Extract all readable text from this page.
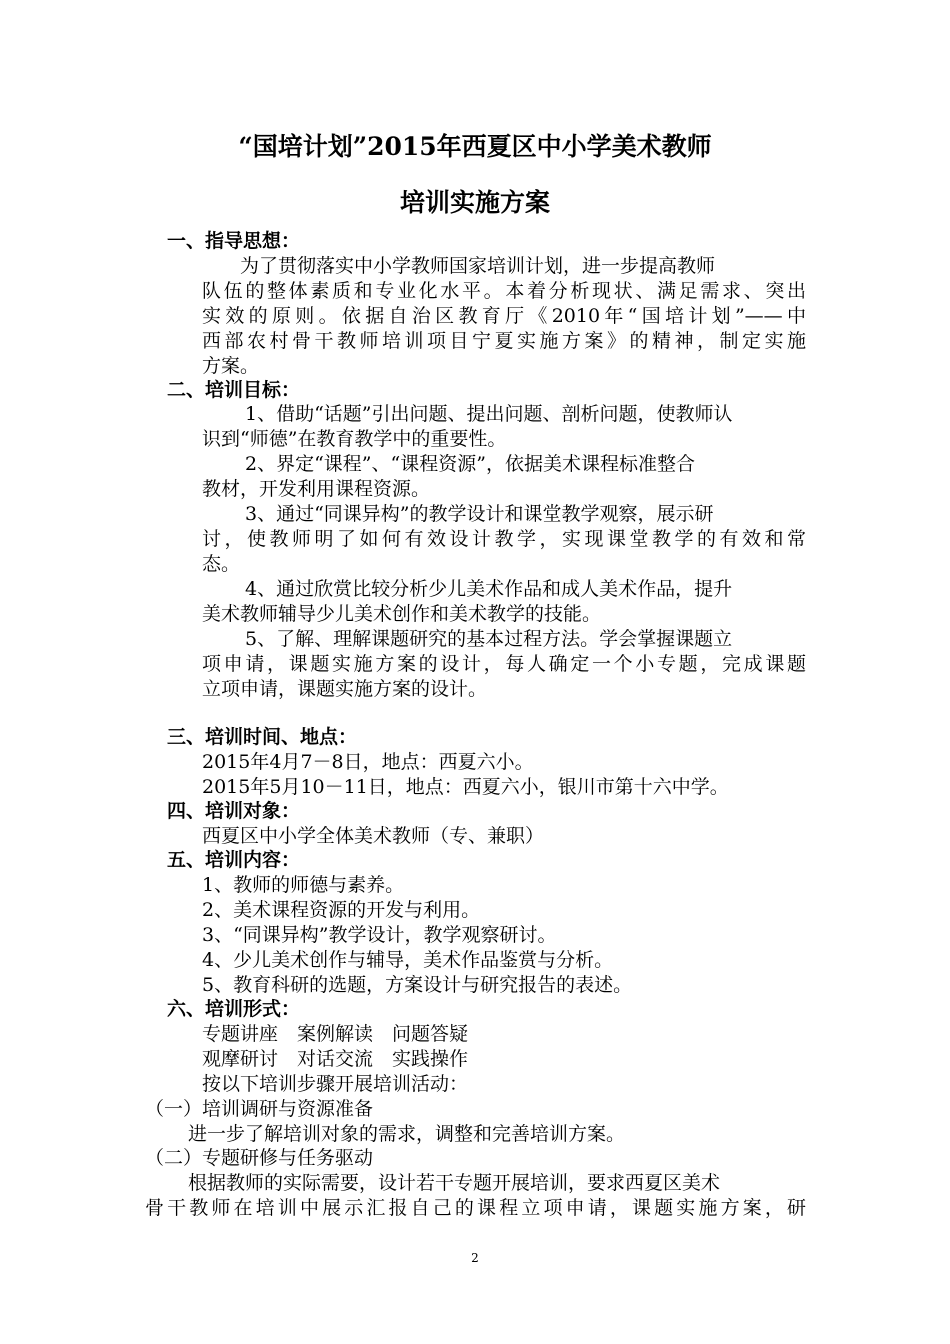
“国培计划”2015年西夏区中小学美术教师
培训实施方案
一、指导思想：
为了贯彻落实中小学教师国家培训计划，进一步提高教师
队伍的整体素质和专业化水平。本着分析现状、满足需求、突出
实效的原则。依据自治区教育厅《2010年“国培计划”——中
西部农村骨干教师培训项目宁夏实施方案》的精神，制定实施
方案。
二、培训目标：
1、借助“话题”引出问题、提出问题、剖析问题，使教师认
识到“师德”在教育教学中的重要性。
2、界定“课程”、“课程资源”，依据美术课程标准整合
教材，开发利用课程资源。
3、通过“同课异构”的教学设计和课堂教学观察，展示研
讨，使教师明了如何有效设计教学，实现课堂教学的有效和常
态。
4、通过欣赏比较分析少儿美术作品和成人美术作品，提升
美术教师辅导少儿美术创作和美术教学的技能。
5、了解、理解课题研究的基本过程方法。学会掌握课题立
项申请，课题实施方案的设计，每人确定一个小专题，完成课题
立项申请，课题实施方案的设计。
三、培训时间、地点：
2015年4月7－8日，地点：西夏六小。
2015年5月10－11日，地点：西夏六小，银川市第十六中学。
四、培训对象：
西夏区中小学全体美术教师（专、兼职）
五、培训内容：
1、教师的师德与素养。
2、美术课程资源的开发与利用。
3、“同课异构”教学设计，教学观察研讨。
4、少儿美术创作与辅导，美术作品鉴赏与分析。
5、教育科研的选题，方案设计与研究报告的表述。
六、培训形式：
专题讲座　案例解读　问题答疑
观摩研讨　对话交流　实践操作
按以下培训步骤开展培训活动：
（一）培训调研与资源准备
进一步了解培训对象的需求，调整和完善培训方案。
（二）专题研修与任务驱动
根据教师的实际需要，设计若干专题开展培训，要求西夏区美术
骨干教师在培训中展示汇报自己的课程立项申请，课题实施方案，研
2
